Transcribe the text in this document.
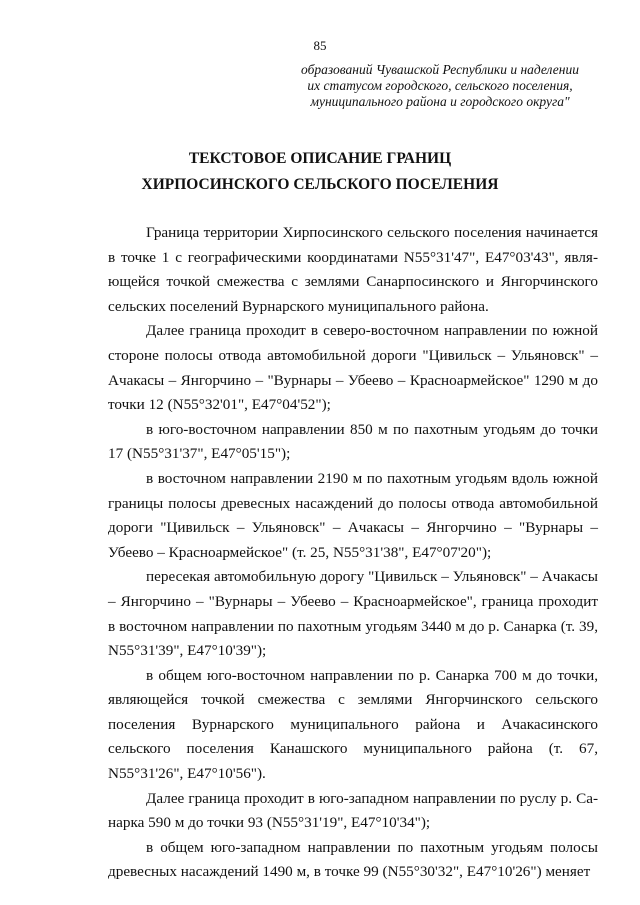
85
образований Чувашской Республики и наделении
их статусом городского, сельского поселения,
муниципального района и городского округа"
ТЕКСТОВОЕ ОПИСАНИЕ ГРАНИЦ
ХИРПОСИНСКОГО СЕЛЬСКОГО ПОСЕЛЕНИЯ

Граница территории Хирпосинского сельского поселения начинается в точке 1 с географическими координатами N55°31'47", E47°03'43", являющейся точкой смежества с землями Санарпосинского и Янгорчинского сельских поселений Вурнарского муниципального района.

Далее граница проходит в северо-восточном направлении по южной стороне полосы отвода автомобильной дороги "Цивильск – Ульяновск" – Ачакасы – Янгорчино – "Вурнары – Убеево – Красноармейское" 1290 м до точки 12 (N55°32'01", E47°04'52");

в юго-восточном направлении 850 м по пахотным угодьям до точки 17 (N55°31'37", E47°05'15");

в восточном направлении 2190 м по пахотным угодьям вдоль южной границы полосы древесных насаждений до полосы отвода автомобильной дороги "Цивильск – Ульяновск" – Ачакасы – Янгорчино – "Вурнары – Убеево – Красноармейское" (т. 25, N55°31'38", E47°07'20");

пересекая автомобильную дорогу "Цивильск – Ульяновск" – Ачакасы – Янгорчино – "Вурнары – Убеево – Красноармейское", граница проходит в восточном направлении по пахотным угодьям 3440 м до р. Санарка (т. 39, N55°31'39", E47°10'39");

в общем юго-восточном направлении по р. Санарка 700 м до точки, являющейся точкой смежества с землями Янгорчинского сельского поселения Вурнарского муниципального района и Ачакасинского сельского поселения Канашского муниципального района (т. 67, N55°31'26", E47°10'56").

Далее граница проходит в юго-западном направлении по руслу р. Санарка 590 м до точки 93 (N55°31'19", E47°10'34");

в общем юго-западном направлении по пахотным угодьям полосы древесных насаждений 1490 м, в точке 99 (N55°30'32", E47°10'26") меняет
